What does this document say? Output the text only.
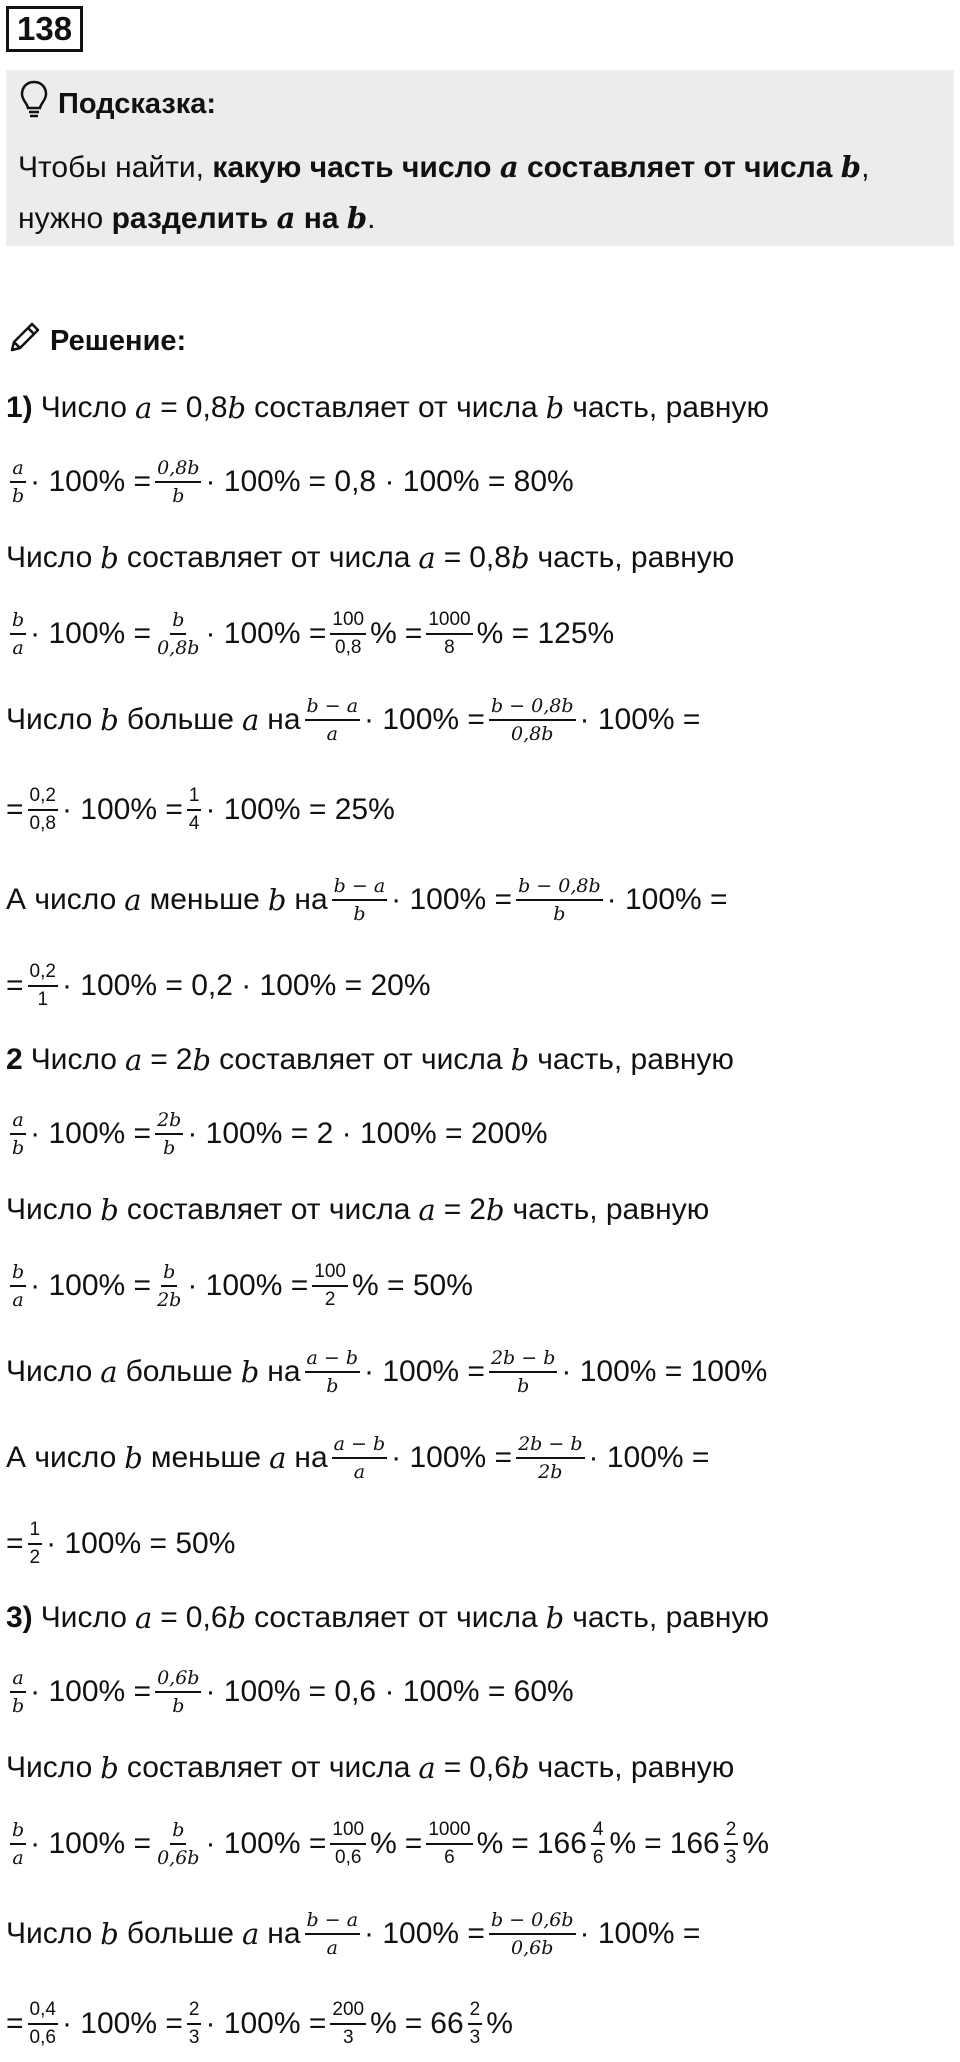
138
Подсказка:
Чтобы найти, какую часть число a составляет от числа b,
нужно разделить a на b.
Решение:
1) Число a = 0,8 b составляет от числа b часть, равную
$\frac{a}{b} \cdot 100\% = \frac{0,8b}{b} \cdot 100\% = 0,8 \cdot 100\% = 80\%$
Число b составляет от числа a = 0,8 b часть, равную
$\frac{b}{a} \cdot 100\% = \frac{b}{0,8b} \cdot 100\% = \frac{100}{0,8}$ % = $\frac{1000}{8}$ % = 125%
Число b больше a на $\frac{b - a}{a} \cdot 100\% = \frac{b - 0,8b}{0,8b} \cdot 100\%$ =
= $\frac{0,2}{0,8} \cdot 100\% = \frac{1}{4} \cdot 100\% = 25\%$
А число a меньше b на $\frac{b - a}{b} \cdot 100\% = \frac{b - 0,8b}{b} \cdot 100\%$ =
= $\frac{0,2}{1} \cdot 100\% = 0,2 \cdot 100\% = 20\%$
2 Число a = 2 b составляет от числа b часть, равную
$\frac{a}{b} \cdot 100\% = \frac{2b}{b} \cdot 100\% = 2 \cdot 100\% = 200\%$
Число b составляет от числа a = 2 b часть, равную
$\frac{b}{a} \cdot 100\% = \frac{b}{2b} \cdot 100\% = \frac{100}{2}$ % = 50%
Число a больше b на $\frac{a - b}{b} \cdot 100\% = \frac{2b - b}{b} \cdot 100\% = 100\%$
А число b меньше a на $\frac{a - b}{a} \cdot 100\% = \frac{2b - b}{2b} \cdot 100\%$ =
= $\frac{1}{2} \cdot 100\% = 50\%$
3) Число a = 0,6 b составляет от числа b часть, равную
$\frac{a}{b} \cdot 100\% = \frac{0,6b}{b} \cdot 100\% = 0,6 \cdot 100\% = 60\%$
Число b составляет от числа a = 0,6 b часть, равную
$\frac{b}{a} \cdot 100\% = \frac{b}{0,6b} \cdot 100\% = \frac{100}{0,6}$ % = $\frac{1000}{6}$ % = $166 \frac{4}{6}$ % = $166 \frac{2}{3}$ %
Число b больше a на $\frac{b - a}{a} \cdot 100\% = \frac{b - 0,6b}{0,6b} \cdot 100\%$ =
= $\frac{0,4}{0,6} \cdot 100\% = \frac{2}{3} \cdot 100\% = \frac{200}{3}$ % = $66 \frac{2}{3}$ %
